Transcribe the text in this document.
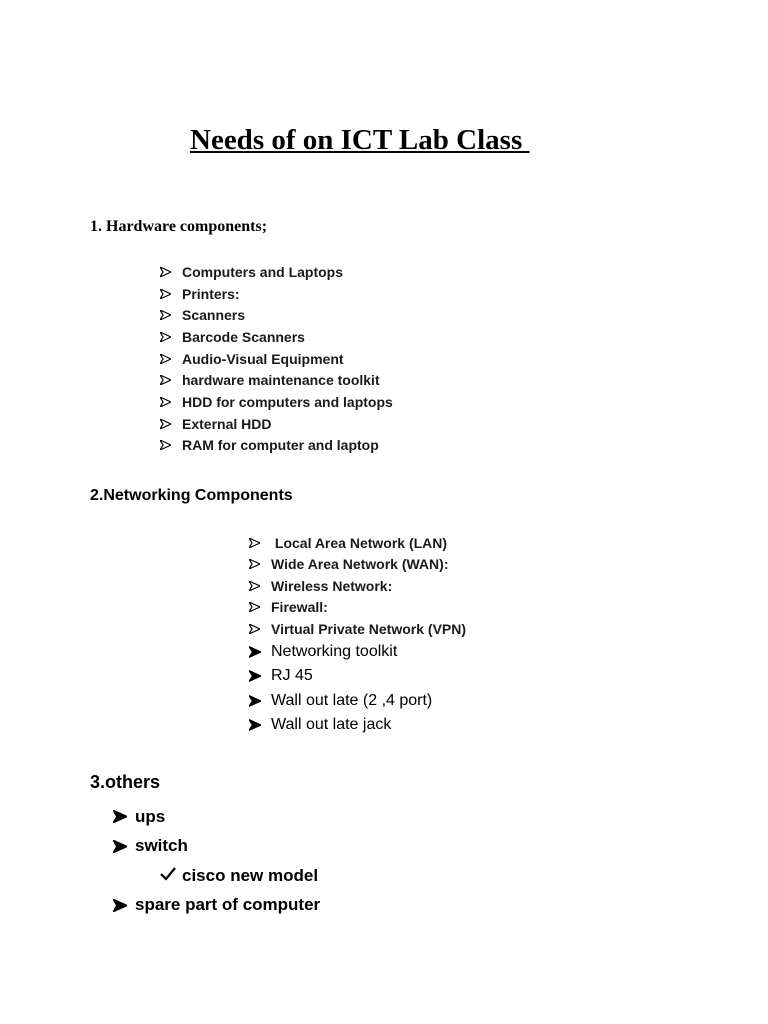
Needs of on ICT Lab Class
1. Hardware components;
Computers and Laptops
Printers:
Scanners
Barcode Scanners
Audio-Visual Equipment
hardware maintenance toolkit
HDD for computers and laptops
External HDD
RAM for computer and laptop
2.Networking Components
Local Area Network (LAN)
Wide Area Network (WAN):
Wireless Network:
Firewall:
Virtual Private Network (VPN)
Networking toolkit
RJ 45
Wall out late (2 ,4 port)
Wall out late jack
3.others
ups
switch
cisco new model
spare part of computer
